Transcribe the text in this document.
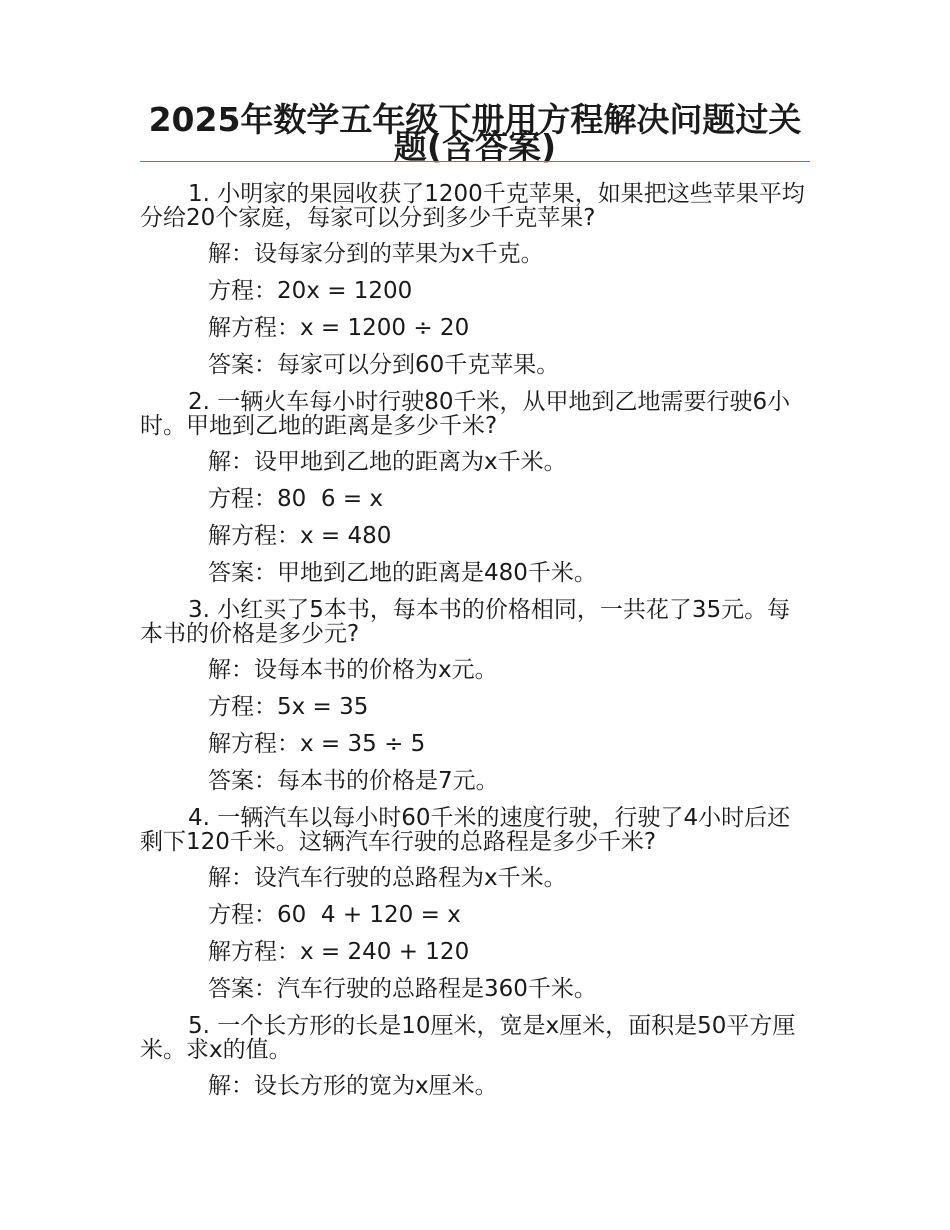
2025年数学五年级下册用方程解决问题过关题(含答案)

1. 小明家的果园收获了1200千克苹果，如果把这些苹果平均分给20个家庭，每家可以分到多少千克苹果?

解：设每家分到的苹果为x千克。

方程：20x = 1200

解方程：x = 1200 ÷ 20

答案：每家可以分到60千克苹果。

2. 一辆火车每小时行驶80千米，从甲地到乙地需要行驶6小时。甲地到乙地的距离是多少千米?

解：设甲地到乙地的距离为x千米。

方程：80  6 = x

解方程：x = 480

答案：甲地到乙地的距离是480千米。

3. 小红买了5本书，每本书的价格相同，一共花了35元。每本书的价格是多少元?

解：设每本书的价格为x元。

方程：5x = 35

解方程：x = 35 ÷ 5

答案：每本书的价格是7元。

4. 一辆汽车以每小时60千米的速度行驶，行驶了4小时后还剩下120千米。这辆汽车行驶的总路程是多少千米?

解：设汽车行驶的总路程为x千米。

方程：60  4 + 120 = x

解方程：x = 240 + 120

答案：汽车行驶的总路程是360千米。

5. 一个长方形的长是10厘米，宽是x厘米，面积是50平方厘米。求x的值。

解：设长方形的宽为x厘米。
